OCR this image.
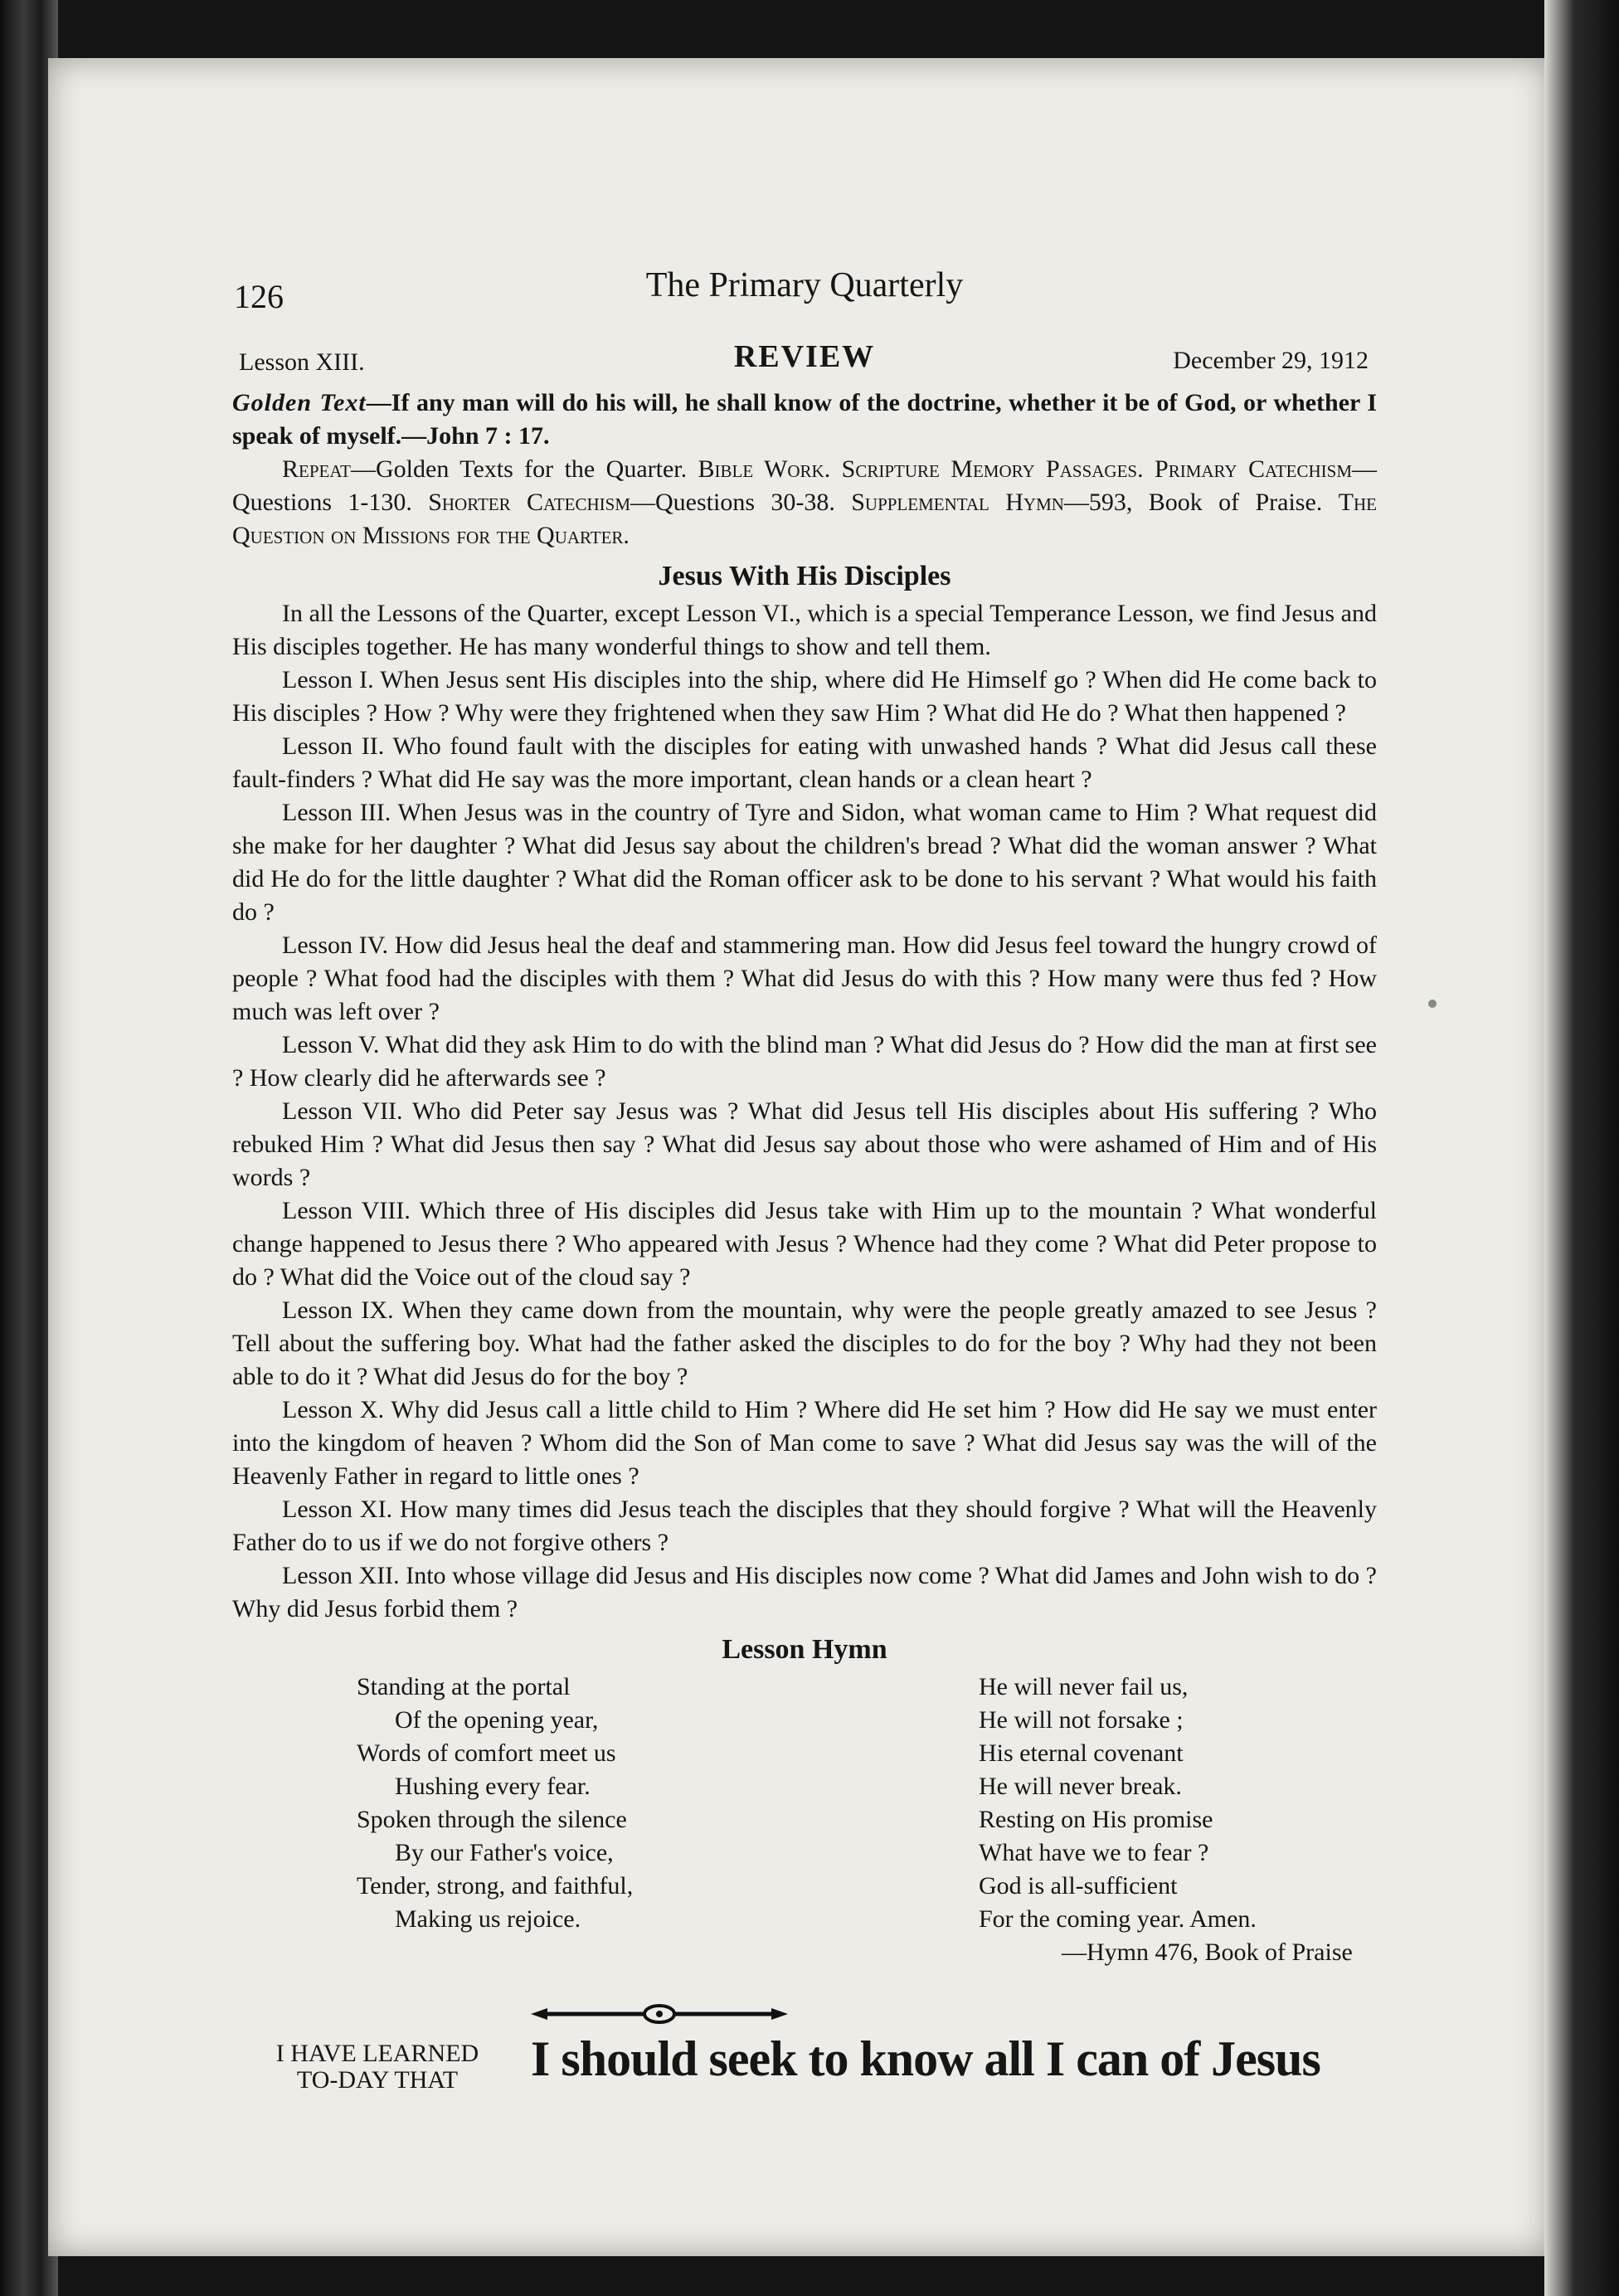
126	The Primary Quarterly
Lesson XIII.	REVIEW	December 29, 1912

Golden Text—If any man will do his will, he shall know of the doctrine, whether it be of God, or whether I speak of myself.—John 7 : 17.

Repeat—Golden Texts for the Quarter. Bible Work. Scripture Memory Passages. Primary Catechism—Questions 1-130. Shorter Catechism—Questions 30-38. Supplemental Hymn—593, Book of Praise. The Question on Missions for the Quarter.

Jesus With His Disciples

In all the Lessons of the Quarter, except Lesson VI., which is a special Temperance Lesson, we find Jesus and His disciples together. He has many wonderful things to show and tell them.

Lesson I. When Jesus sent His disciples into the ship, where did He Himself go ? When did He come back to His disciples ? How ? Why were they frightened when they saw Him ? What did He do ? What then happened ?

Lesson II. Who found fault with the disciples for eating with unwashed hands ? What did Jesus call these fault-finders ? What did He say was the more important, clean hands or a clean heart ?

Lesson III. When Jesus was in the country of Tyre and Sidon, what woman came to Him ? What request did she make for her daughter ? What did Jesus say about the children's bread ? What did the woman answer ? What did He do for the little daughter ? What did the Roman officer ask to be done to his servant ? What would his faith do ?

Lesson IV. How did Jesus heal the deaf and stammering man. How did Jesus feel toward the hungry crowd of people ? What food had the disciples with them ? What did Jesus do with this ? How many were thus fed ? How much was left over ?

Lesson V. What did they ask Him to do with the blind man ? What did Jesus do ? How did the man at first see ? How clearly did he afterwards see ?

Lesson VII. Who did Peter say Jesus was ? What did Jesus tell His disciples about His suffering ? Who rebuked Him ? What did Jesus then say ? What did Jesus say about those who were ashamed of Him and of His words ?

Lesson VIII. Which three of His disciples did Jesus take with Him up to the mountain ? What wonderful change happened to Jesus there ? Who appeared with Jesus ? Whence had they come ? What did Peter propose to do ? What did the Voice out of the cloud say ?

Lesson IX. When they came down from the mountain, why were the people greatly amazed to see Jesus ? Tell about the suffering boy. What had the father asked the disciples to do for the boy ? Why had they not been able to do it ? What did Jesus do for the boy ?

Lesson X. Why did Jesus call a little child to Him ? Where did He set him ? How did He say we must enter into the kingdom of heaven ? Whom did the Son of Man come to save ? What did Jesus say was the will of the Heavenly Father in regard to little ones ?

Lesson XI. How many times did Jesus teach the disciples that they should forgive ? What will the Heavenly Father do to us if we do not forgive others ?

Lesson XII. Into whose village did Jesus and His disciples now come ? What did James and John wish to do ? Why did Jesus forbid them ?

Lesson Hymn
Standing at the portal
Of the opening year,
Words of comfort meet us
Hushing every fear.
Spoken through the silence
By our Father's voice,
Tender, strong, and faithful,
Making us rejoice.
He will never fail us,
He will not forsake ;
His eternal covenant
He will never break.
Resting on His promise
What have we to fear ?
God is all-sufficient
For the coming year. Amen.
—Hymn 476, Book of Praise
I HAVE LEARNED
TO-DAY THAT	I should seek to know all I can of Jesus
